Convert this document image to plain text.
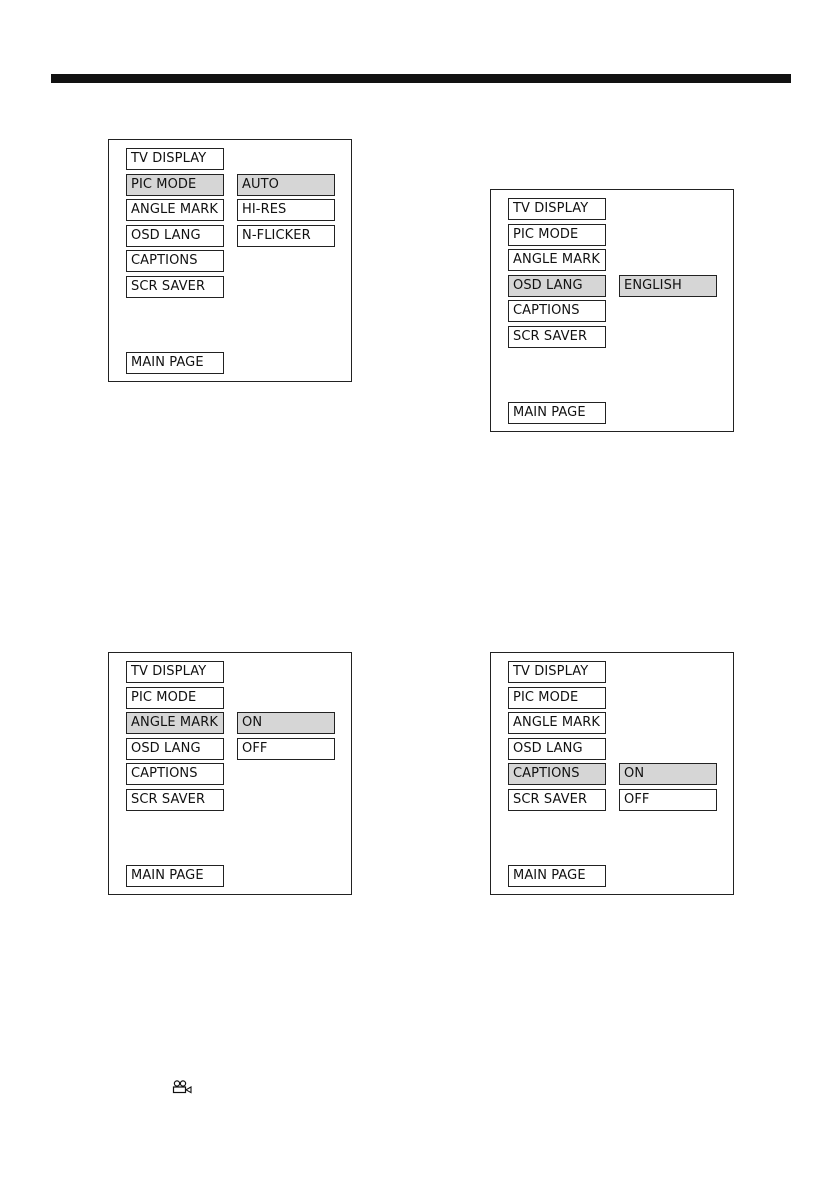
TV DISPLAY
PIC MODE
ANGLE MARK
OSD LANG
CAPTIONS
SCR SAVER
MAIN PAGE
AUTO
HI-RES
N-FLICKER
TV DISPLAY
PIC MODE
ANGLE MARK
OSD LANG
CAPTIONS
SCR SAVER
MAIN PAGE
ENGLISH
TV DISPLAY
PIC MODE
ANGLE MARK
OSD LANG
CAPTIONS
SCR SAVER
MAIN PAGE
ON
OFF
TV DISPLAY
PIC MODE
ANGLE MARK
OSD LANG
CAPTIONS
SCR SAVER
MAIN PAGE
ON
OFF
